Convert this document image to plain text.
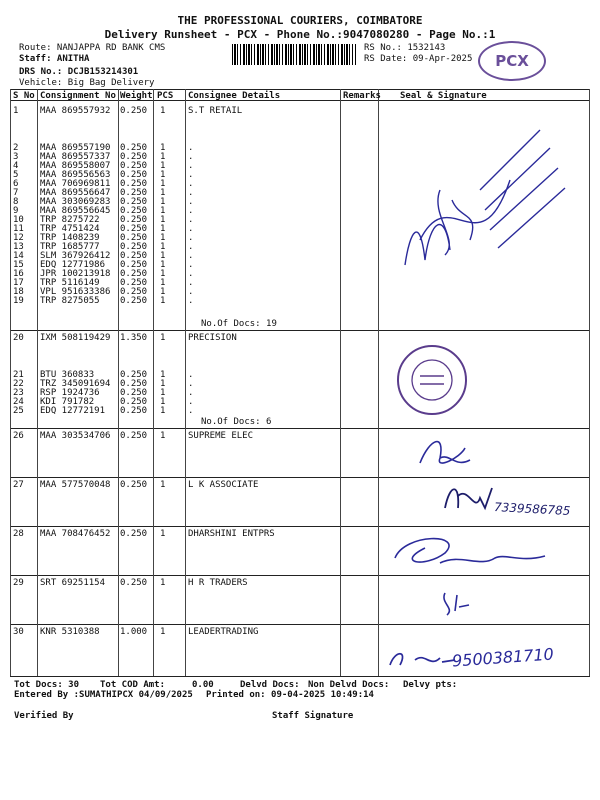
THE PROFESSIONAL COURIERS, COIMBATORE
Delivery Runsheet - PCX - Phone No.:9047080280 - Page No.:1
Route: NANJAPPA RD BANK CMS
Staff: ANITHA
DRS No.: DCJB153214301
Vehicle: Big Bag Delivery
RS No.: 1532143
RS Date: 09-Apr-2025	PCX
S No Consignment No Weight PCS Consignee Details	Remarks Seal & Signature
1 MAA 869557932 0.250 1	S.T RETAIL
2 MAA 869557190 0.250 1	.
3 MAA 869557337 0.250 1	.
4 MAA 869558007 0.250 1	.
5 MAA 869556563 0.250 1	.
6 MAA 706969811 0.250 1	.
7 MAA 869556647 0.250 1	.
8 MAA 303069283 0.250 1	.
9 MAA 869556645 0.250 1	.
10 TRP 8275722 0.250 1	.
11 TRP 4751424 0.250 1	.
12 TRP 1408239 0.250 1	.
13 TRP 1685777 0.250 1	.
14 SLM 367926412 0.250 1	.
15 EDQ 12771986 0.250 1	.
16 JPR 100213918 0.250 1	.
17 TRP 5116149 0.250 1	.
18 VPL 951633386 0.250 1	.
19 TRP 8275055 0.250 1	.
20 IXM 508119429 1.350 1	PRECISION
21 BTU 360833	0.250 1	.
22 TRZ 345091694 0.250 1	.
23 RSP 1924736 0.250 1	.
24 KDI 791782	0.250 1	.
25 EDQ 12772191 0.250 1	.
26 MAA 303534706 0.250 1	SUPREME ELEC
27 MAA 577570048 0.250 1	L K ASSOCIATE
28 MAA 708476452 0.250 1	DHARSHINI ENTPRS
29 SRT 69251154 0.250 1	H R TRADERS
30 KNR 5310388 1.000 1	LEADERTRADING
No.Of Docs: 19
No.Of Docs: 6
7339586785
9500381710
Tot Docs: 30 Tot COD Amt:	0.00	Delvd Docs: Non Delvd Docs: Delvy pts:
Entered By :SUMATHIPCX 04/09/2025 Printed on: 09-04-2025 10:49:14
Verified By	Staff Signature
